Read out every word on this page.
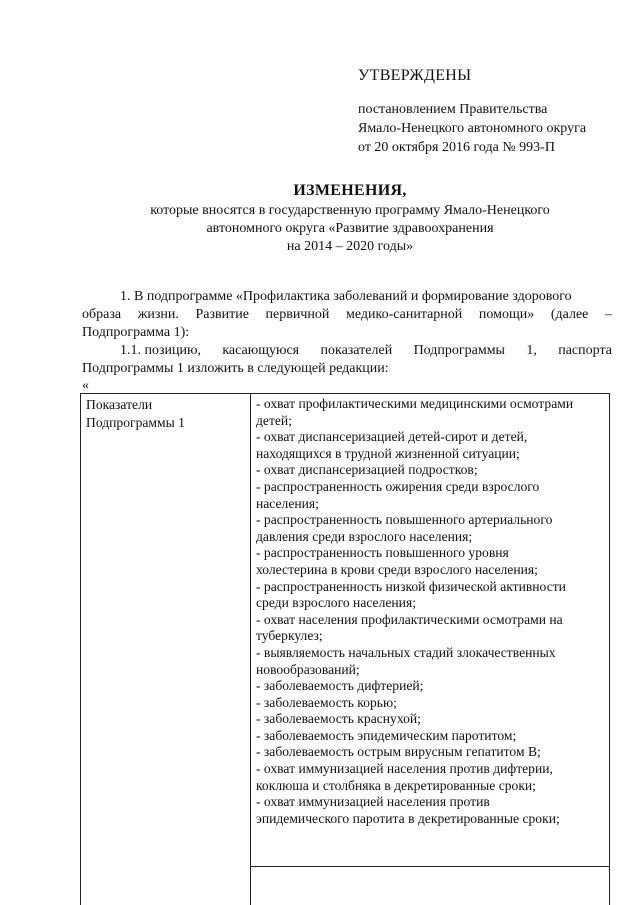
УТВЕРЖДЕНЫ
постановлением Правительства
Ямало-Ненецкого автономного округа
от 20 октября 2016 года № 993-П
ИЗМЕНЕНИЯ,
которые вносятся в государственную программу Ямало-Ненецкого
автономного округа «Развитие здравоохранения
на 2014 – 2020 годы»
1. В подпрограмме «Профилактика заболеваний и формирование здорового
образа жизни. Развитие первичной медико-санитарной помощи» (далее –
Подпрограмма 1):
1.1. позицию, касающуюся показателей Подпрограммы 1, паспорта
Подпрограммы 1 изложить в следующей редакции:
«
Показатели
Подпрограммы 1
- охват профилактическими медицинскими осмотрами
детей;
- охват диспансеризацией детей-сирот и детей,
находящихся в трудной жизненной ситуации;
- охват диспансеризацией подростков;
- распространенность ожирения среди взрослого
населения;
- распространенность повышенного артериального
давления среди взрослого населения;
- распространенность повышенного уровня
холестерина в крови среди взрослого населения;
- распространенность низкой физической активности
среди взрослого населения;
- охват населения профилактическими осмотрами на
туберкулез;
- выявляемость начальных стадий злокачественных
новообразований;
- заболеваемость дифтерией;
- заболеваемость корью;
- заболеваемость краснухой;
- заболеваемость эпидемическим паротитом;
- заболеваемость острым вирусным гепатитом В;
- охват иммунизацией населения против дифтерии,
коклюша и столбняка в декретированные сроки;
- охват иммунизацией населения против
эпидемического паротита в декретированные сроки;
